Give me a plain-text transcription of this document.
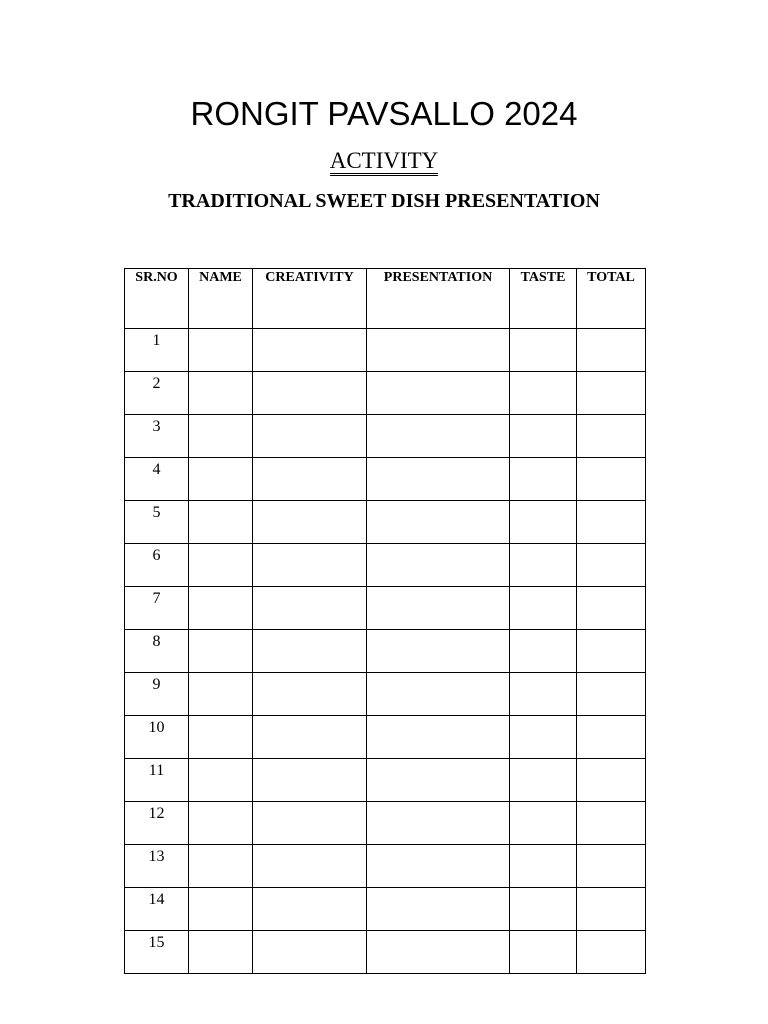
RONGIT PAVSALLO 2024
ACTIVITY
TRADITIONAL SWEET DISH PRESENTATION
SR.NO	NAME	CREATIVITY	PRESENTATION	TASTE	TOTAL
1					
2					
3					
4					
5					
6					
7					
8					
9					
10					
11					
12					
13					
14					
15					
